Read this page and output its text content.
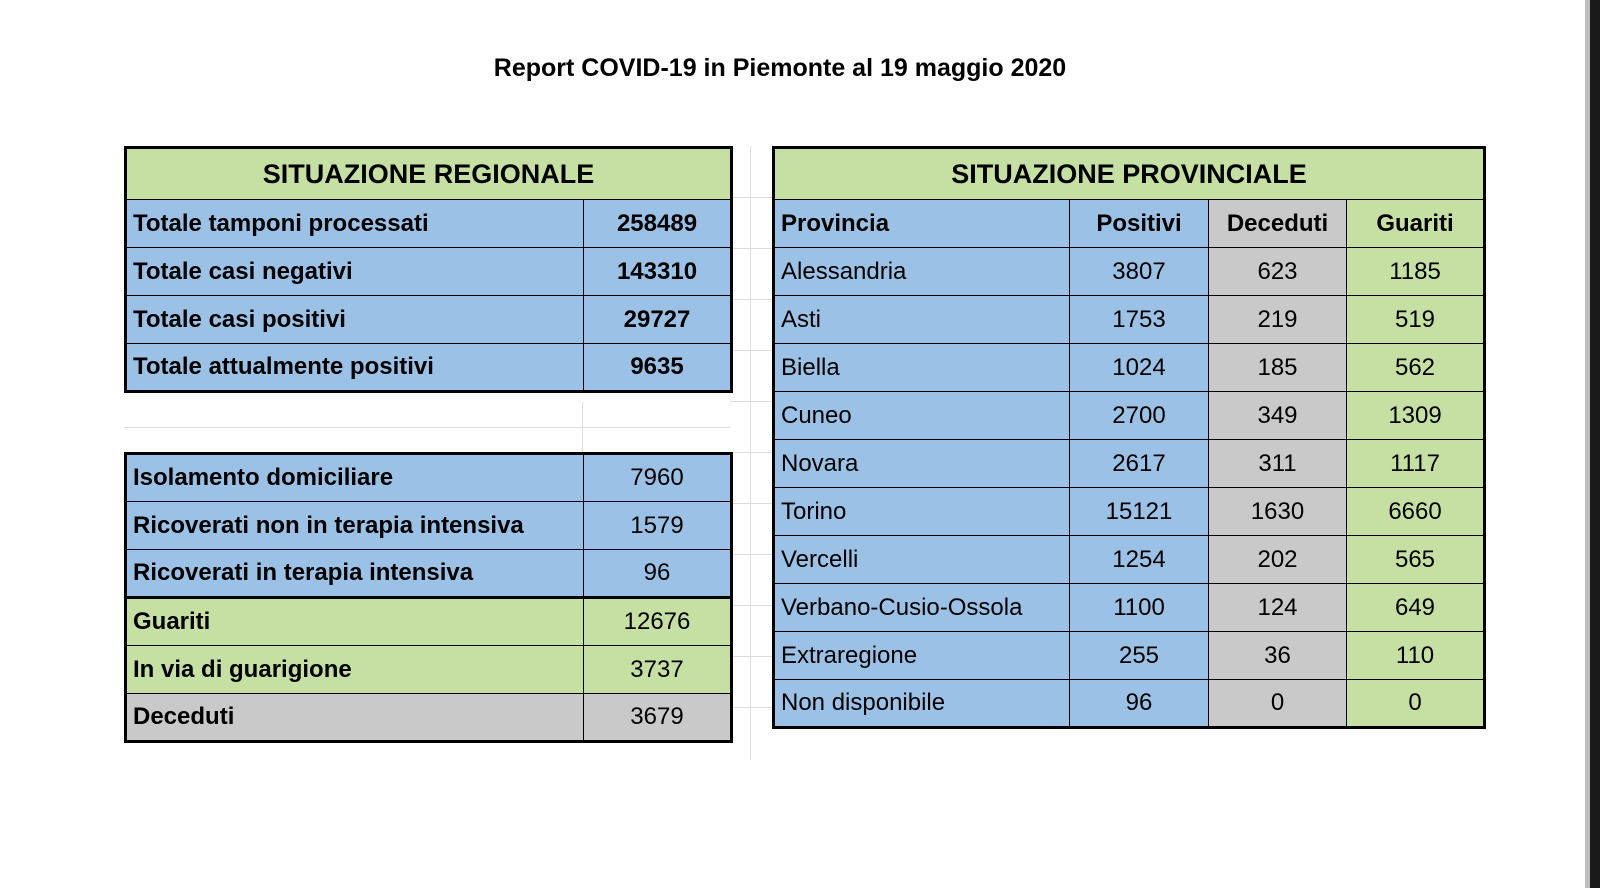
Report COVID-19 in Piemonte al 19 maggio 2020
SITUAZIONE REGIONALE	
Totale tamponi processati	258489
Totale casi negativi	143310
Totale casi positivi	29727
Totale attualmente positivi	9635
Isolamento domiciliare	7960
Ricoverati non in terapia intensiva	1579
Ricoverati in terapia intensiva	96
Guariti	12676
In via di guarigione	3737
Deceduti	3679
SITUAZIONE PROVINCIALE			
Provincia	Positivi	Deceduti	Guariti
Alessandria	3807	623	1185
Asti	1753	219	519
Biella	1024	185	562
Cuneo	2700	349	1309
Novara	2617	311	1117
Torino	15121	1630	6660
Vercelli	1254	202	565
Verbano-Cusio-Ossola	1100	124	649
Extraregione	255	36	110
Non disponibile	96	0	0
